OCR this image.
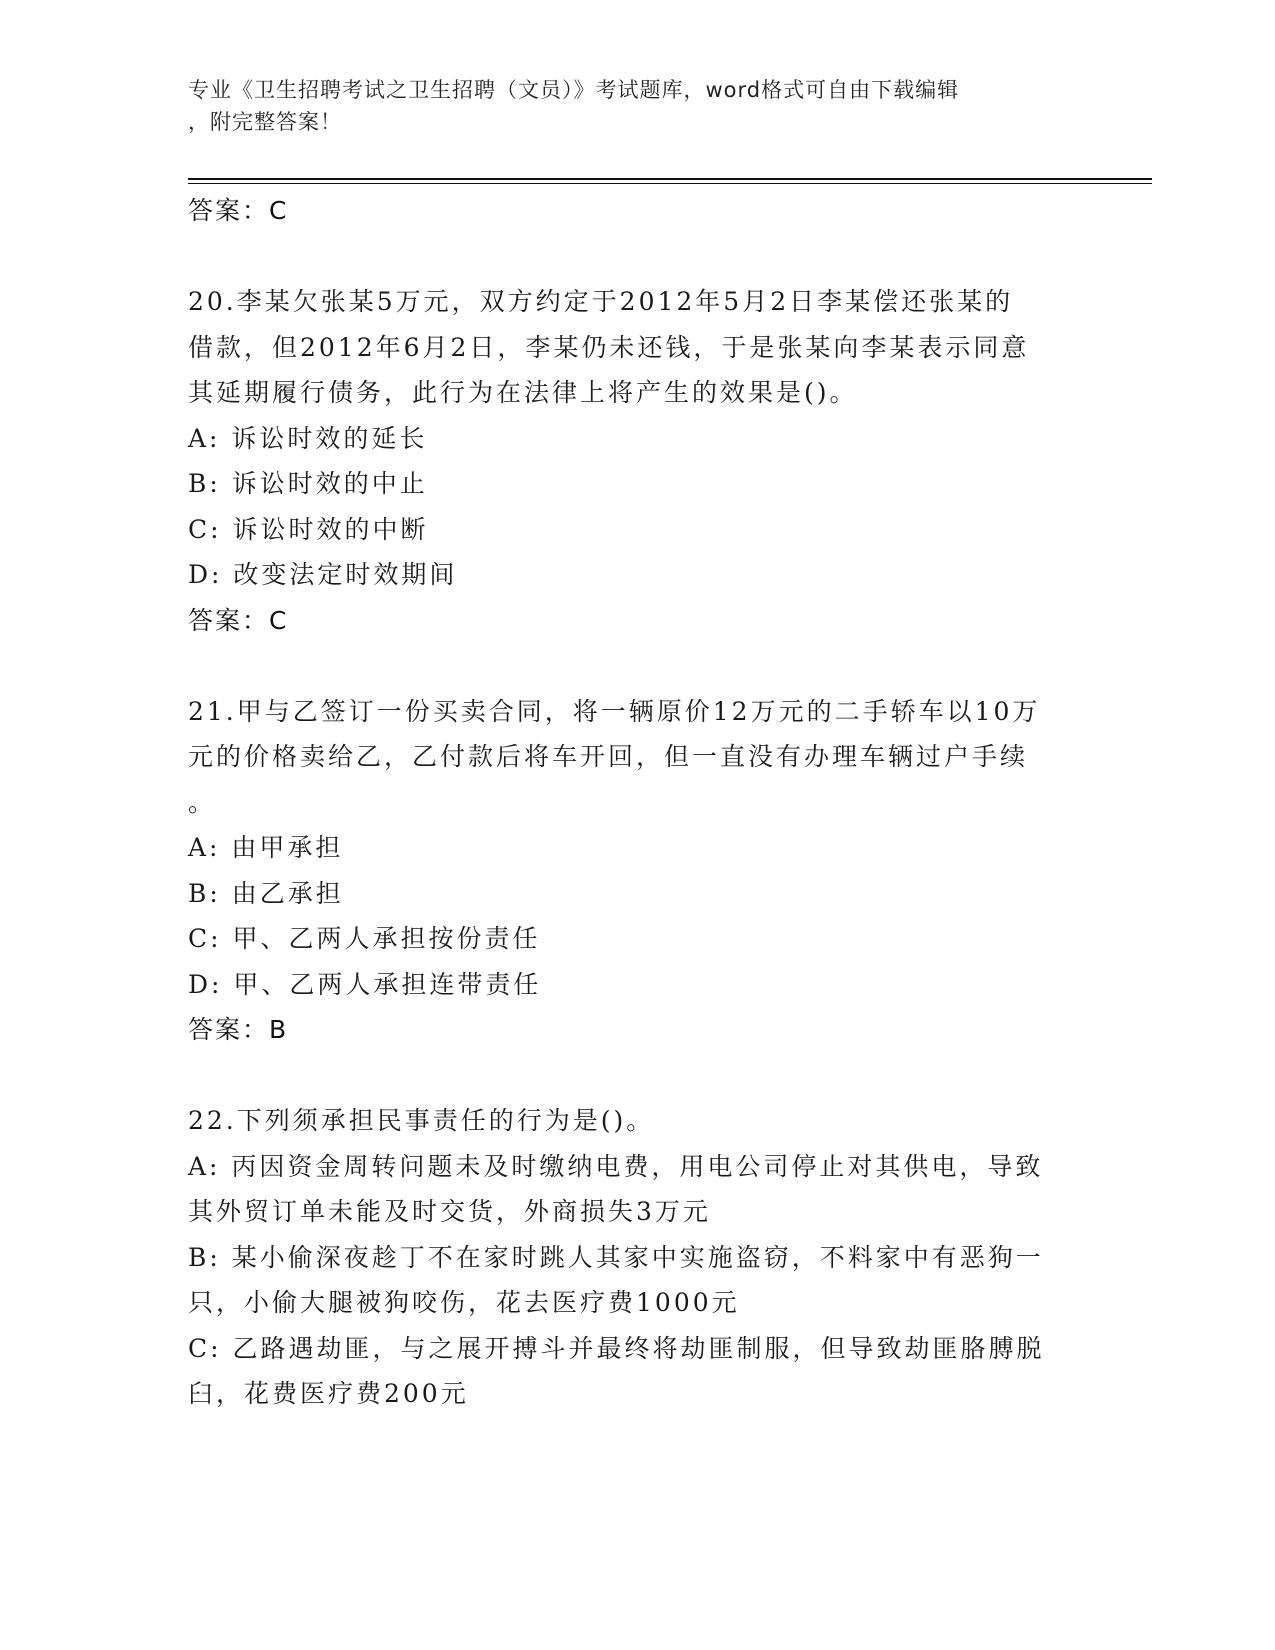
专业《卫生招聘考试之卫生招聘（文员）》考试题库，word格式可自由下载编辑
，附完整答案！
答案：C
20.李某欠张某5万元，双方约定于2012年5月2日李某偿还张某的
借款，但2012年6月2日，李某仍未还钱，于是张某向李某表示同意
其延期履行债务，此行为在法律上将产生的效果是()。
A: 诉讼时效的延长
B: 诉讼时效的中止
C: 诉讼时效的中断
D: 改变法定时效期间
答案：C
21.甲与乙签订一份买卖合同，将一辆原价12万元的二手轿车以10万
元的价格卖给乙，乙付款后将车开回，但一直没有办理车辆过户手续
。
A: 由甲承担
B: 由乙承担
C: 甲、乙两人承担按份责任
D: 甲、乙两人承担连带责任
答案：B
22.下列须承担民事责任的行为是()。
A: 丙因资金周转问题未及时缴纳电费，用电公司停止对其供电，导致
其外贸订单未能及时交货，外商损失3万元
B: 某小偷深夜趁丁不在家时跳人其家中实施盗窃，不料家中有恶狗一
只，小偷大腿被狗咬伤，花去医疗费1000元
C: 乙路遇劫匪，与之展开搏斗并最终将劫匪制服，但导致劫匪胳膊脱
臼，花费医疗费200元
